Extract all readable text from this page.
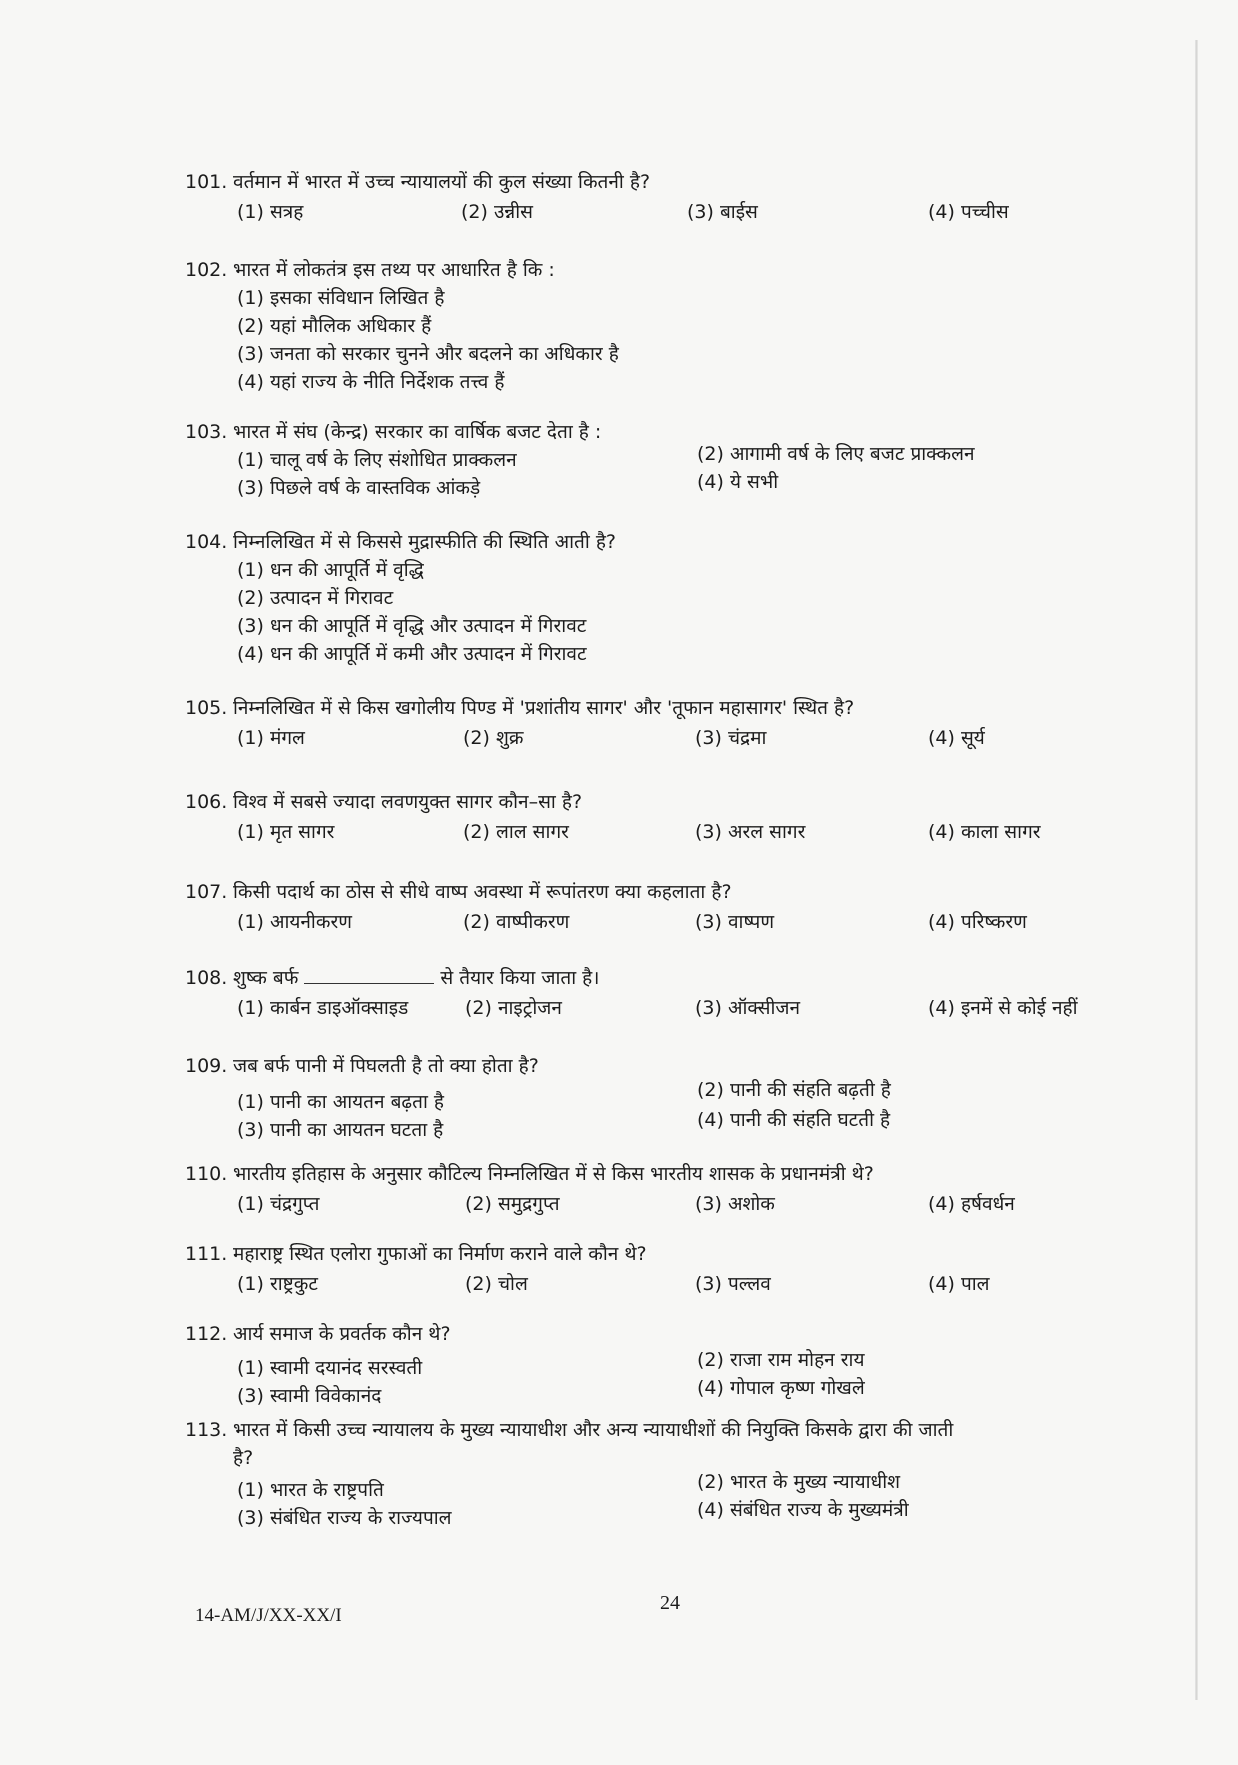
101. वर्तमान में भारत में उच्च न्यायालयों की कुल संख्या कितनी है?
(1) सत्रह	(2) उन्नीस	(3) बाईस	(4) पच्चीस
102. भारत में लोकतंत्र इस तथ्य पर आधारित है कि :
(1) इसका संविधान लिखित है
(2) यहां मौलिक अधिकार हैं
(3) जनता को सरकार चुनने और बदलने का अधिकार है
(4) यहां राज्य के नीति निर्देशक तत्त्व हैं
103. भारत में संघ (केन्द्र) सरकार का वार्षिक बजट देता है :
(1) चालू वर्ष के लिए संशोधित प्राक्कलन	(2) आगामी वर्ष के लिए बजट प्राक्कलन
(3) पिछले वर्ष के वास्तविक आंकड़े	(4) ये सभी
104. निम्नलिखित में से किससे मुद्रास्फीति की स्थिति आती है?
(1) धन की आपूर्ति में वृद्धि
(2) उत्पादन में गिरावट
(3) धन की आपूर्ति में वृद्धि और उत्पादन में गिरावट
(4) धन की आपूर्ति में कमी और उत्पादन में गिरावट
105. निम्नलिखित में से किस खगोलीय पिण्ड में 'प्रशांतीय सागर' और 'तूफान महासागर' स्थित है?
(1) मंगल	(2) शुक्र	(3) चंद्रमा	(4) सूर्य
106. विश्व में सबसे ज्यादा लवणयुक्त सागर कौन–सा है?
(1) मृत सागर	(2) लाल सागर	(3) अरल सागर	(4) काला सागर
107. किसी पदार्थ का ठोस से सीधे वाष्प अवस्था में रूपांतरण क्या कहलाता है?
(1) आयनीकरण	(2) वाष्पीकरण	(3) वाष्पण	(4) परिष्करण
108. शुष्क बर्फ	से तैयार किया जाता है।
(1) कार्बन डाइऑक्साइड	(2) नाइट्रोजन	(3) ऑक्सीजन	(4) इनमें से कोई नहीं
109. जब बर्फ पानी में पिघलती है तो क्या होता है?
(1) पानी का आयतन बढ़ता है
(2) पानी की संहति बढ़ती है
(3) पानी का आयतन घटता है	(4) पानी की संहति घटती है
110. भारतीय इतिहास के अनुसार कौटिल्य निम्नलिखित में से किस भारतीय शासक के प्रधानमंत्री थे?
(1) चंद्रगुप्त	(2) समुद्रगुप्त	(3) अशोक	(4) हर्षवर्धन
111. महाराष्ट्र स्थित एलोरा गुफाओं का निर्माण कराने वाले कौन थे?
(1) राष्ट्रकुट	(2) चोल	(3) पल्लव	(4) पाल
112. आर्य समाज के प्रवर्तक कौन थे?
(1) स्वामी दयानंद सरस्वती	(2) राजा राम मोहन राय
(3) स्वामी विवेकानंद	(4) गोपाल कृष्ण गोखले
113. भारत में किसी उच्च न्यायालय के मुख्य न्यायाधीश और अन्य न्यायाधीशों की नियुक्ति किसके द्वारा की जाती
है?
(1) भारत के राष्ट्रपति	(2) भारत के मुख्य न्यायाधीश
(3) संबंधित राज्य के राज्यपाल	(4) संबंधित राज्य के मुख्यमंत्री
14-AM/J/XX-XX/I
24
